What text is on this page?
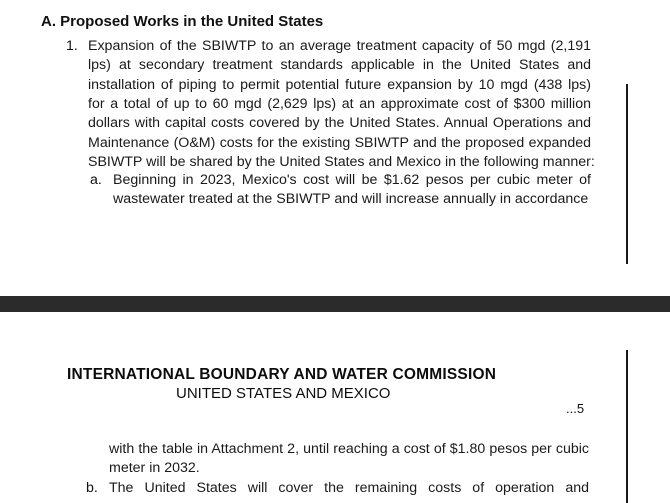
A. Proposed Works in the United States
1. Expansion of the SBIWTP to an average treatment capacity of 50 mgd (2,191
lps) at secondary treatment standards applicable in the United States and
installation of piping to permit potential future expansion by 10 mgd (438 lps)
for a total of up to 60 mgd (2,629 lps) at an approximate cost of $300 million
dollars with capital costs covered by the United States. Annual Operations and
Maintenance (O&M) costs for the existing SBIWTP and the proposed expanded
SBIWTP will be shared by the United States and Mexico in the following manner:
a. Beginning in 2023, Mexico's cost will be $1.62 pesos per cubic meter of
wastewater treated at the SBIWTP and will increase annually in accordance
INTERNATIONAL BOUNDARY AND WATER COMMISSION
UNITED STATES AND MEXICO
...5
with the table in Attachment 2, until reaching a cost of $1.80 pesos per cubic
meter in 2032.
b. The United States will cover the remaining costs of operation and
